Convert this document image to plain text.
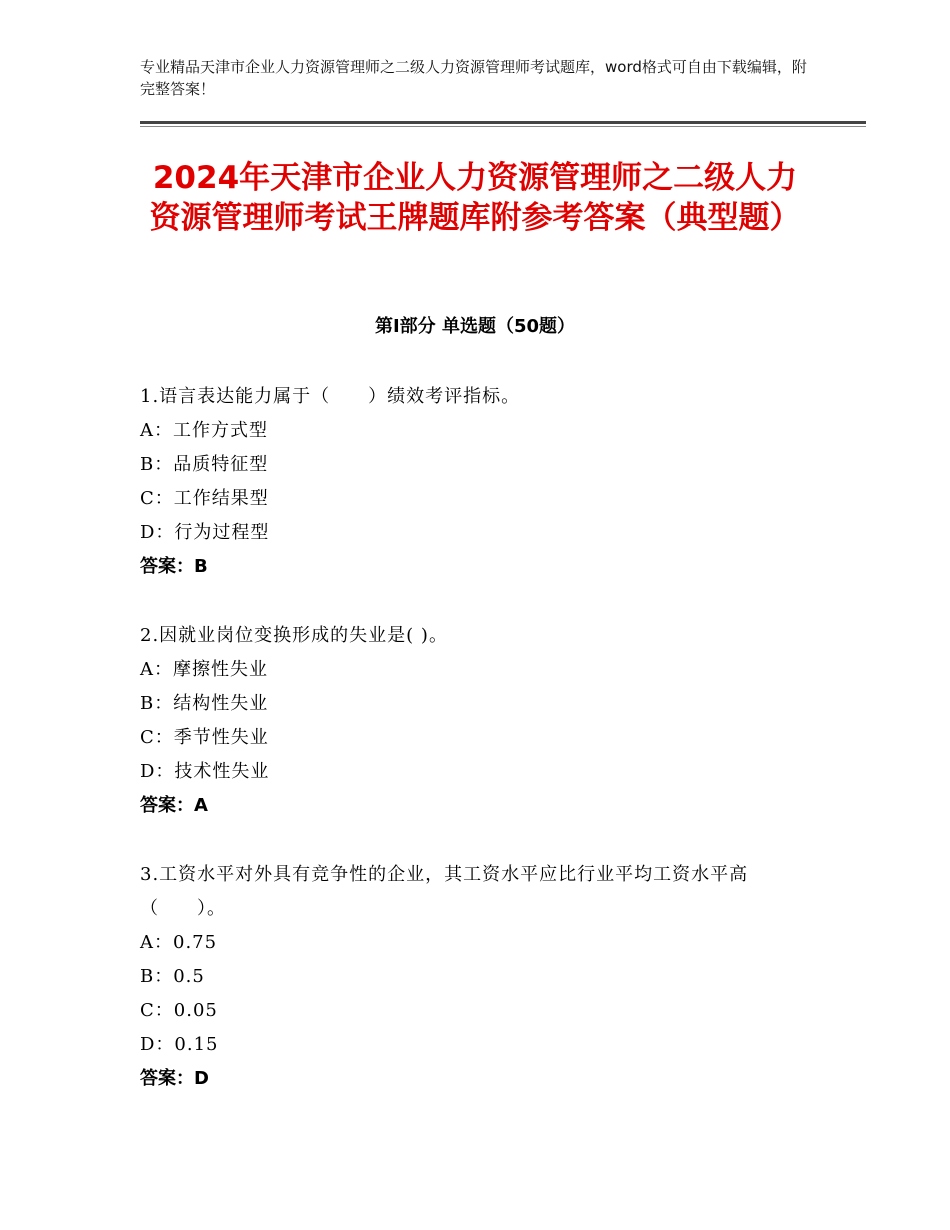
专业精品天津市企业人力资源管理师之二级人力资源管理师考试题库，word格式可自由下载编辑，附完整答案！
2024年天津市企业人力资源管理师之二级人力资源管理师考试王牌题库附参考答案（典型题）
第Ⅰ部分 单选题（50题）
1.语言表达能力属于（　　）绩效考评指标。
A：工作方式型
B：品质特征型
C：工作结果型
D：行为过程型
答案：B
2.因就业岗位变换形成的失业是( )。
A：摩擦性失业
B：结构性失业
C：季节性失业
D：技术性失业
答案：A
3.工资水平对外具有竞争性的企业，其工资水平应比行业平均工资水平高（　　）。
A：0.75
B：0.5
C：0.05
D：0.15
答案：D
